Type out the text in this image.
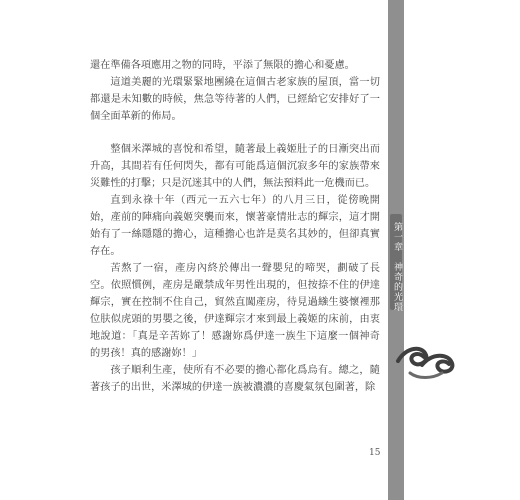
第一章　神奇的光環

還在準備各項應用之物的同時，平添了無限的擔心和憂慮。

這道美麗的光環緊緊地團繞在這個古老家族的屋頂，當一切都還是未知數的時候，焦急等待著的人們，已經給它安排好了一個全面革新的佈局。

整個米澤城的喜悅和希望，隨著最上義姬肚子的日漸突出而升高，其間若有任何閃失，都有可能爲這個沉寂多年的家族帶來災難性的打擊；只是沉迷其中的人們，無法預料此一危機而已。

直到永祿十年（西元一五六七年）的八月三日，從傍晚開始，產前的陣痛向義姬突襲而來，懷著豪情壯志的輝宗，這才開始有了一絲隱隱的擔心，這種擔心也許是莫名其妙的，但卻真實存在。

苦熬了一宿，產房內終於傳出一聲嬰兒的啼哭，劃破了長空。依照慣例，產房是嚴禁成年男性出現的，但按捺不住的伊達輝宗，實在控制不住自己，貿然直闖產房，待見過繈生婆懷裡那位肤似虎頭的男嬰之後，伊達輝宗才來到最上義姬的床前，由衷地說道：「真是辛苦妳了！感謝妳爲伊達一族生下這麼一個神奇的男孩！真的感謝妳！」

孩子順利生產，使所有不必要的擔心都化爲烏有。總之，隨著孩子的出世，米澤城的伊達一族被濃濃的喜慶氣氛包圍著，除

15
